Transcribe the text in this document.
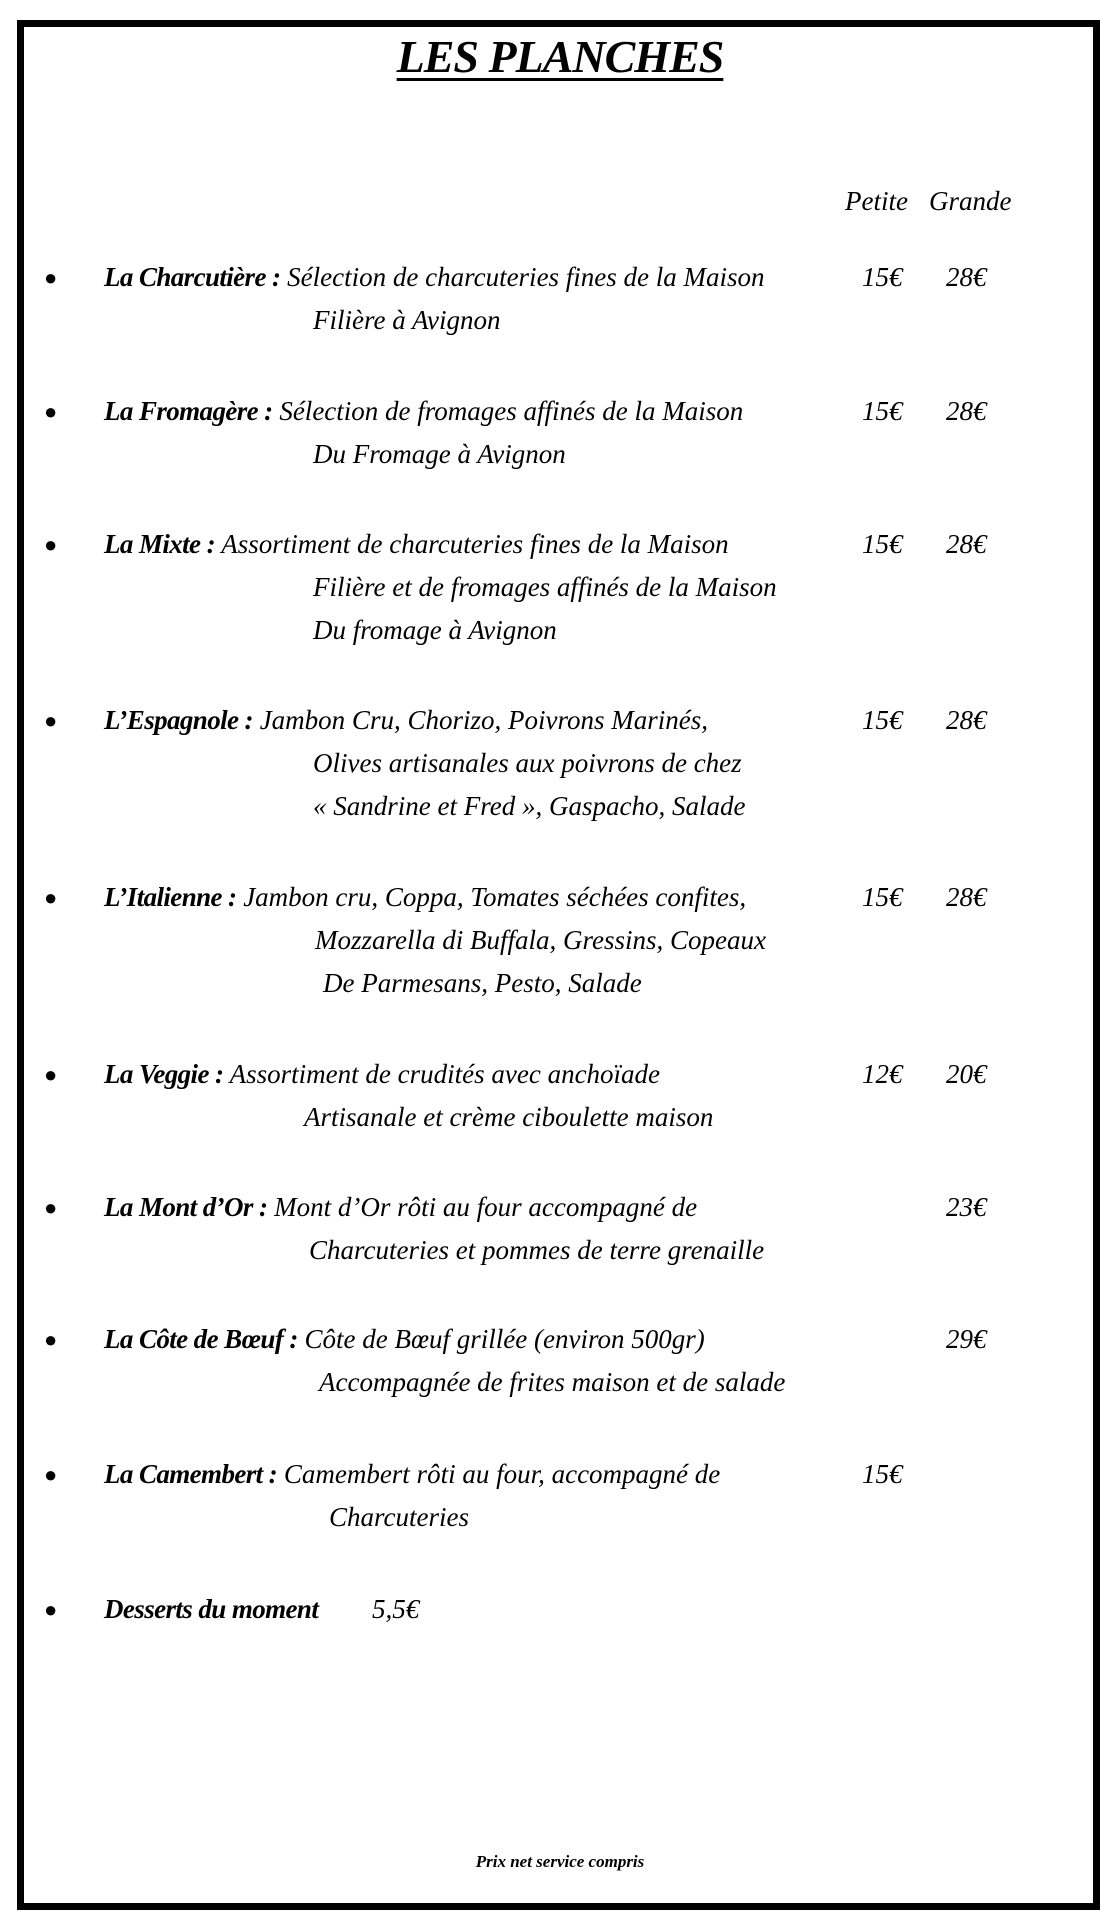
LES PLANCHES
Petite Grande
● La Charcutière : Sélection de charcuteries fines de la Maison
Filière à Avignon
15€ 28€
● La Fromagère : Sélection de fromages affinés de la Maison
Du Fromage à Avignon
15€ 28€
● La Mixte : Assortiment de charcuteries fines de la Maison
Filière et de fromages affinés de la Maison
Du fromage à Avignon
15€ 28€
● L’Espagnole : Jambon Cru, Chorizo, Poivrons Marinés,
Olives artisanales aux poivrons de chez
« Sandrine et Fred », Gaspacho, Salade
15€ 28€
● L’Italienne : Jambon cru, Coppa, Tomates séchées confites,
Mozzarella di Buffala, Gressins, Copeaux
De Parmesans, Pesto, Salade
15€ 28€
● La Veggie : Assortiment de crudités avec anchoïade
Artisanale et crème ciboulette maison
12€ 20€
● La Mont d’Or : Mont d’Or rôti au four accompagné de
Charcuteries et pommes de terre grenaille
23€
● La Côte de Bœuf : Côte de Bœuf grillée (environ 500gr)
Accompagnée de frites maison et de salade
29€
● La Camembert : Camembert rôti au four, accompagné de
Charcuteries
15€
● Desserts du moment 5,5€
Prix net service compris
